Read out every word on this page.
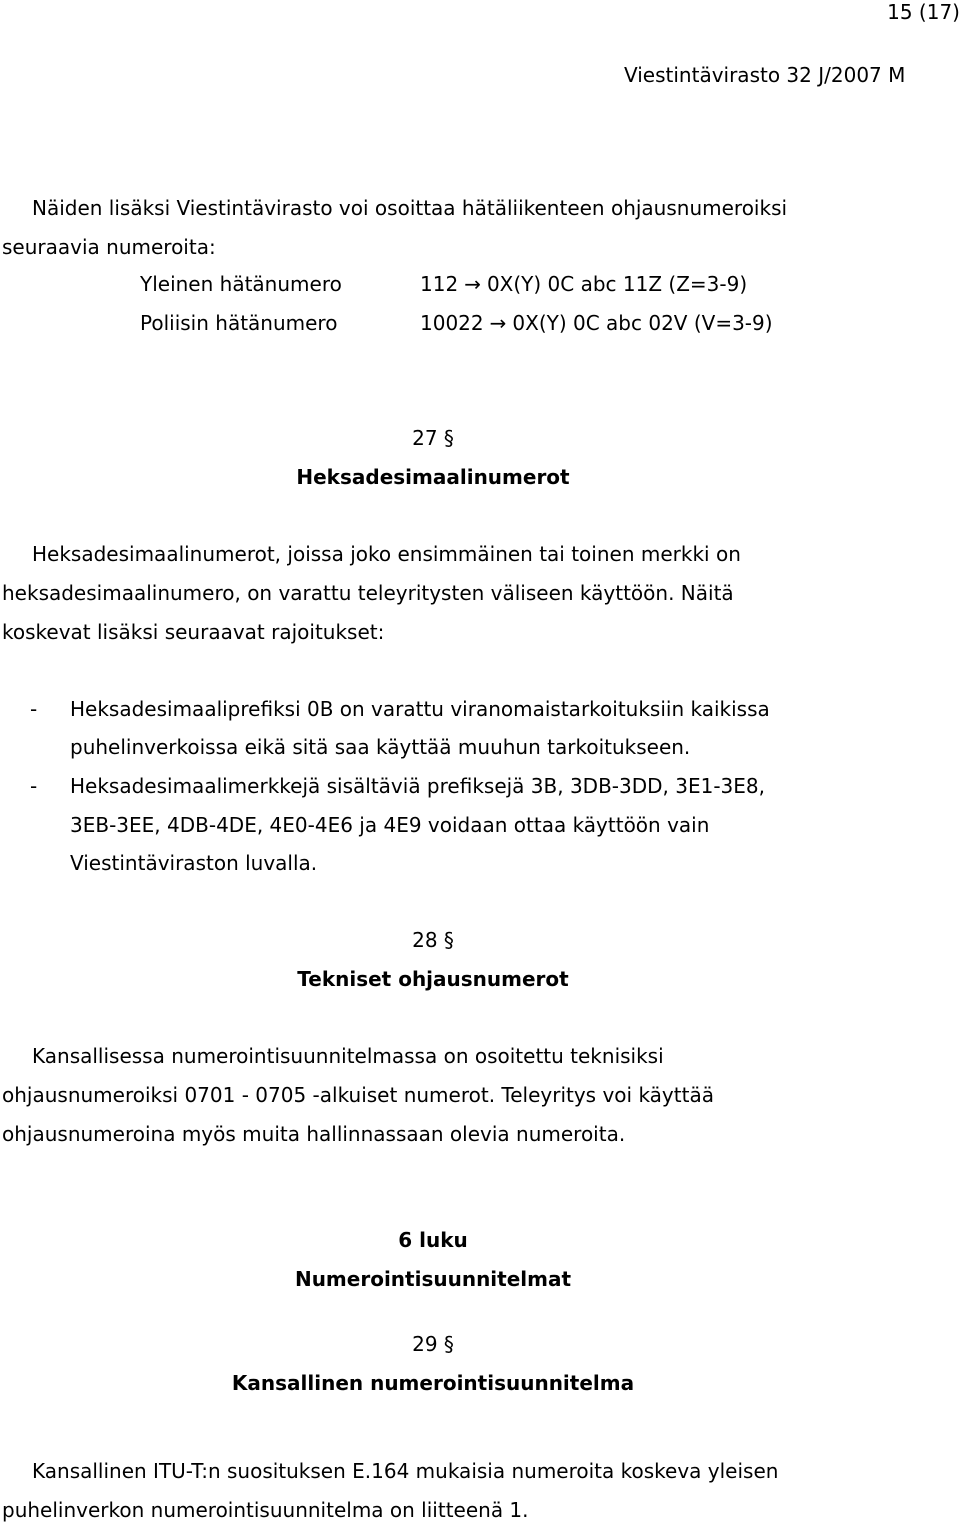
15 (17)
Viestintävirasto 32 J/2007 M
Näiden lisäksi Viestintävirasto voi osoittaa hätäliikenteen ohjausnumeroiksi
seuraavia numeroita:
Yleinen hätänumero	112 → 0X(Y) 0C abc 11Z (Z=3-9)
Poliisin hätänumero	10022 → 0X(Y) 0C abc 02V (V=3-9)
27 §
Heksadesimaalinumerot
Heksadesimaalinumerot, joissa joko ensimmäinen tai toinen merkki on
heksadesimaalinumero, on varattu teleyritysten väliseen käyttöön. Näitä
koskevat lisäksi seuraavat rajoitukset:
- Heksadesimaaliprefiksi 0B on varattu viranomaistarkoituksiin kaikissa
puhelinverkoissa eikä sitä saa käyttää muuhun tarkoitukseen.
- Heksadesimaalimerkkejä sisältäviä prefiksejä 3B, 3DB-3DD, 3E1-3E8,
3EB-3EE, 4DB-4DE, 4E0-4E6 ja 4E9 voidaan ottaa käyttöön vain
Viestintäviraston luvalla.
28 §
Tekniset ohjausnumerot
Kansallisessa numerointisuunnitelmassa on osoitettu teknisiksi
ohjausnumeroiksi 0701 - 0705 -alkuiset numerot. Teleyritys voi käyttää
ohjausnumeroina myös muita hallinnassaan olevia numeroita.
6 luku
Numerointisuunnitelmat
29 §
Kansallinen numerointisuunnitelma
Kansallinen ITU-T:n suosituksen E.164 mukaisia numeroita koskeva yleisen
puhelinverkon numerointisuunnitelma on liitteenä 1.
